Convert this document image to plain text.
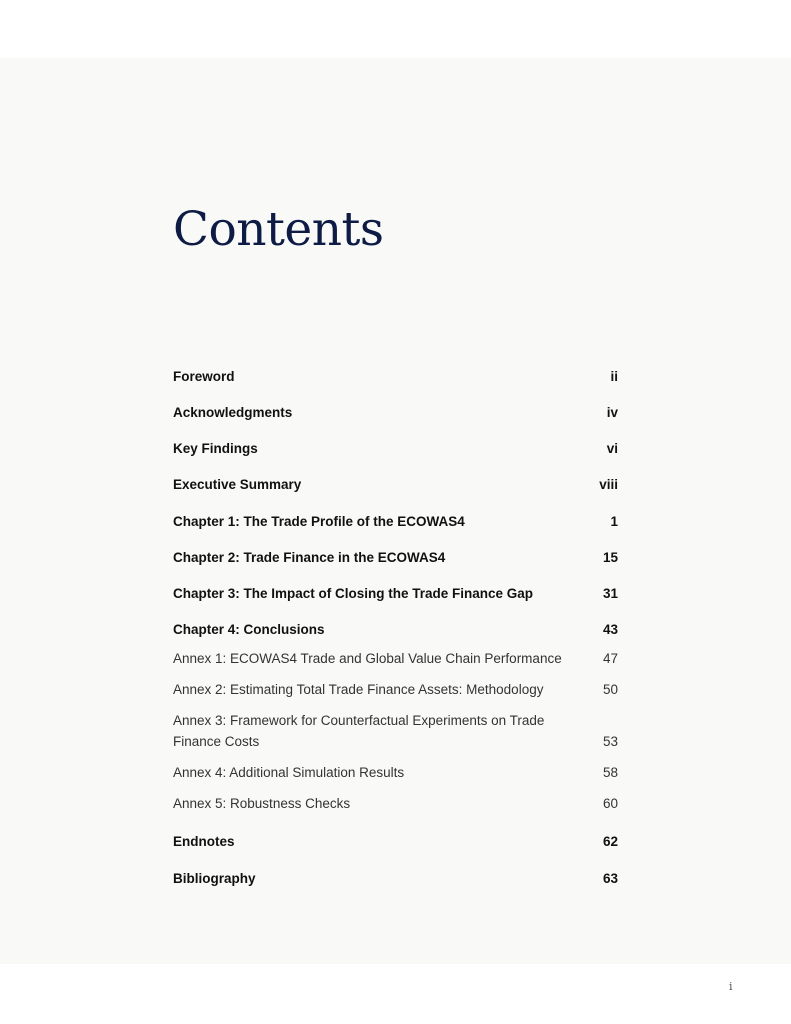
Contents
Foreword	ii
Acknowledgments	iv
Key Findings	vi
Executive Summary	viii
Chapter 1: The Trade Profile of the ECOWAS4	1
Chapter 2: Trade Finance in the ECOWAS4	15
Chapter 3: The Impact of Closing the Trade Finance Gap	31
Chapter 4: Conclusions	43
Annex 1: ECOWAS4 Trade and Global Value Chain Performance	47
Annex 2: Estimating Total Trade Finance Assets: Methodology	50
Annex 3: Framework for Counterfactual Experiments on Trade Finance Costs	53
Annex 4: Additional Simulation Results	58
Annex 5: Robustness Checks	60
Endnotes	62
Bibliography	63
i
